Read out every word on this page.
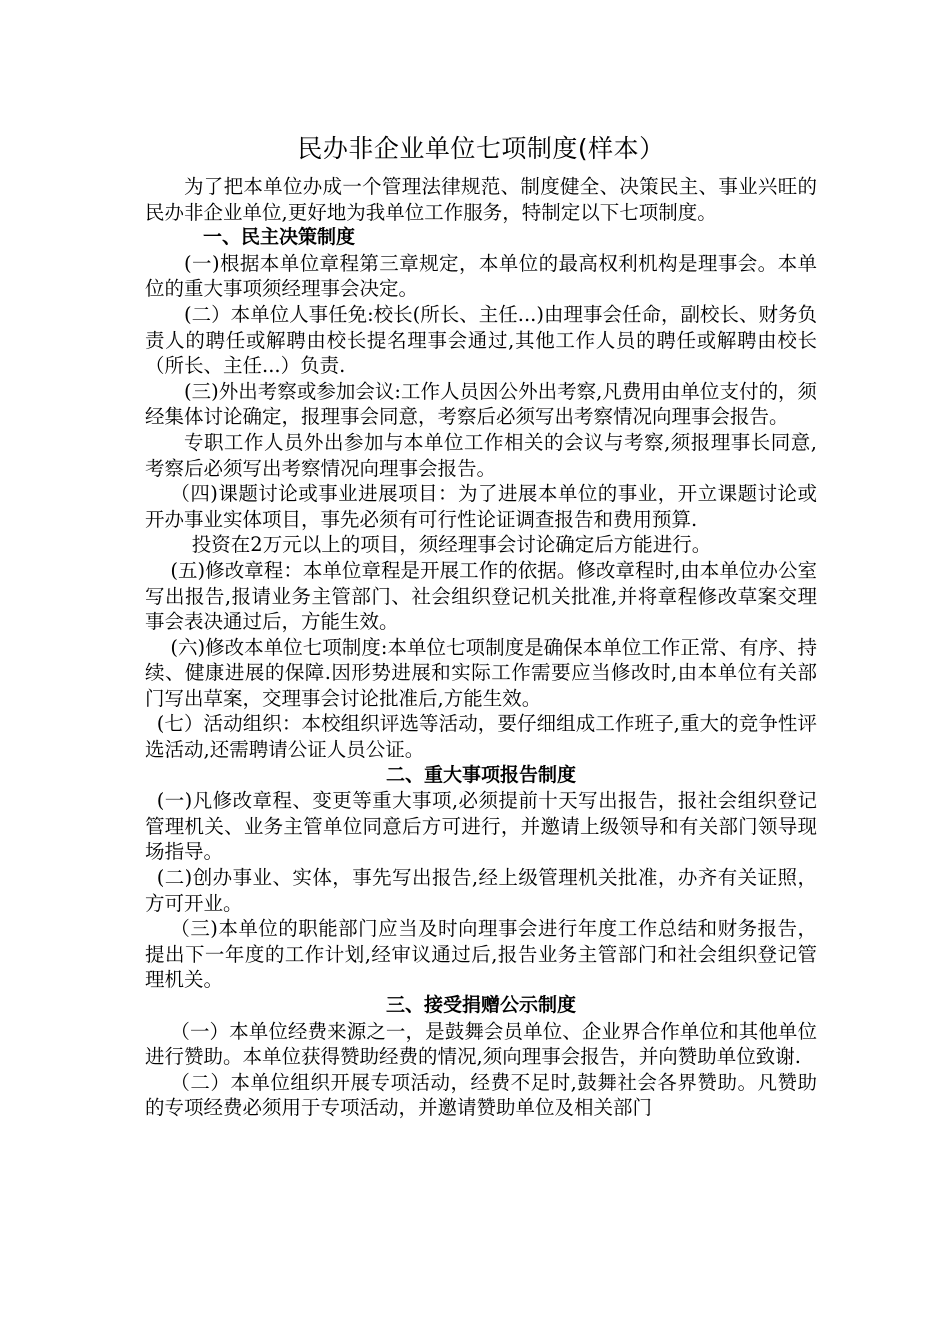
民办非企业单位七项制度(样本）

为了把本单位办成一个管理法律规范、制度健全、决策民主、事业兴旺的民办非企业单位,更好地为我单位工作服务，特制定以下七项制度。

一、民主决策制度

(一)根据本单位章程第三章规定，本单位的最高权利机构是理事会。本单位的重大事项须经理事会决定。

(二）本单位人事任免:校长(所长、主任...)由理事会任命，副校长、财务负责人的聘任或解聘由校长提名理事会通过,其他工作人员的聘任或解聘由校长（所长、主任...）负责.

(三)外出考察或参加会议:工作人员因公外出考察,凡费用由单位支付的，须经集体讨论确定，报理事会同意，考察后必须写出考察情况向理事会报告。

专职工作人员外出参加与本单位工作相关的会议与考察,须报理事长同意,考察后必须写出考察情况向理事会报告。

（四)课题讨论或事业进展项目：为了进展本单位的事业，开立课题讨论或开办事业实体项目，事先必须有可行性论证调查报告和费用预算.

投资在2万元以上的项目，须经理事会讨论确定后方能进行。

(五)修改章程：本单位章程是开展工作的依据。修改章程时,由本单位办公室写出报告,报请业务主管部门、社会组织登记机关批准,并将章程修改草案交理事会表决通过后，方能生效。

(六)修改本单位七项制度:本单位七项制度是确保本单位工作正常、有序、持续、健康进展的保障.因形势进展和实际工作需要应当修改时,由本单位有关部门写出草案，交理事会讨论批准后,方能生效。

(七）活动组织：本校组织评选等活动，要仔细组成工作班子,重大的竞争性评选活动,还需聘请公证人员公证。

二、重大事项报告制度

(一)凡修改章程、变更等重大事项,必须提前十天写出报告，报社会组织登记管理机关、业务主管单位同意后方可进行，并邀请上级领导和有关部门领导现场指导。

(二)创办事业、实体，事先写出报告,经上级管理机关批准，办齐有关证照，方可开业。

（三)本单位的职能部门应当及时向理事会进行年度工作总结和财务报告，提出下一年度的工作计划,经审议通过后,报告业务主管部门和社会组织登记管理机关。

三、接受捐赠公示制度

（一）本单位经费来源之一，是鼓舞会员单位、企业界合作单位和其他单位进行赞助。本单位获得赞助经费的情况,须向理事会报告，并向赞助单位致谢.

（二）本单位组织开展专项活动，经费不足时,鼓舞社会各界赞助。凡赞助的专项经费必须用于专项活动，并邀请赞助单位及相关部门
